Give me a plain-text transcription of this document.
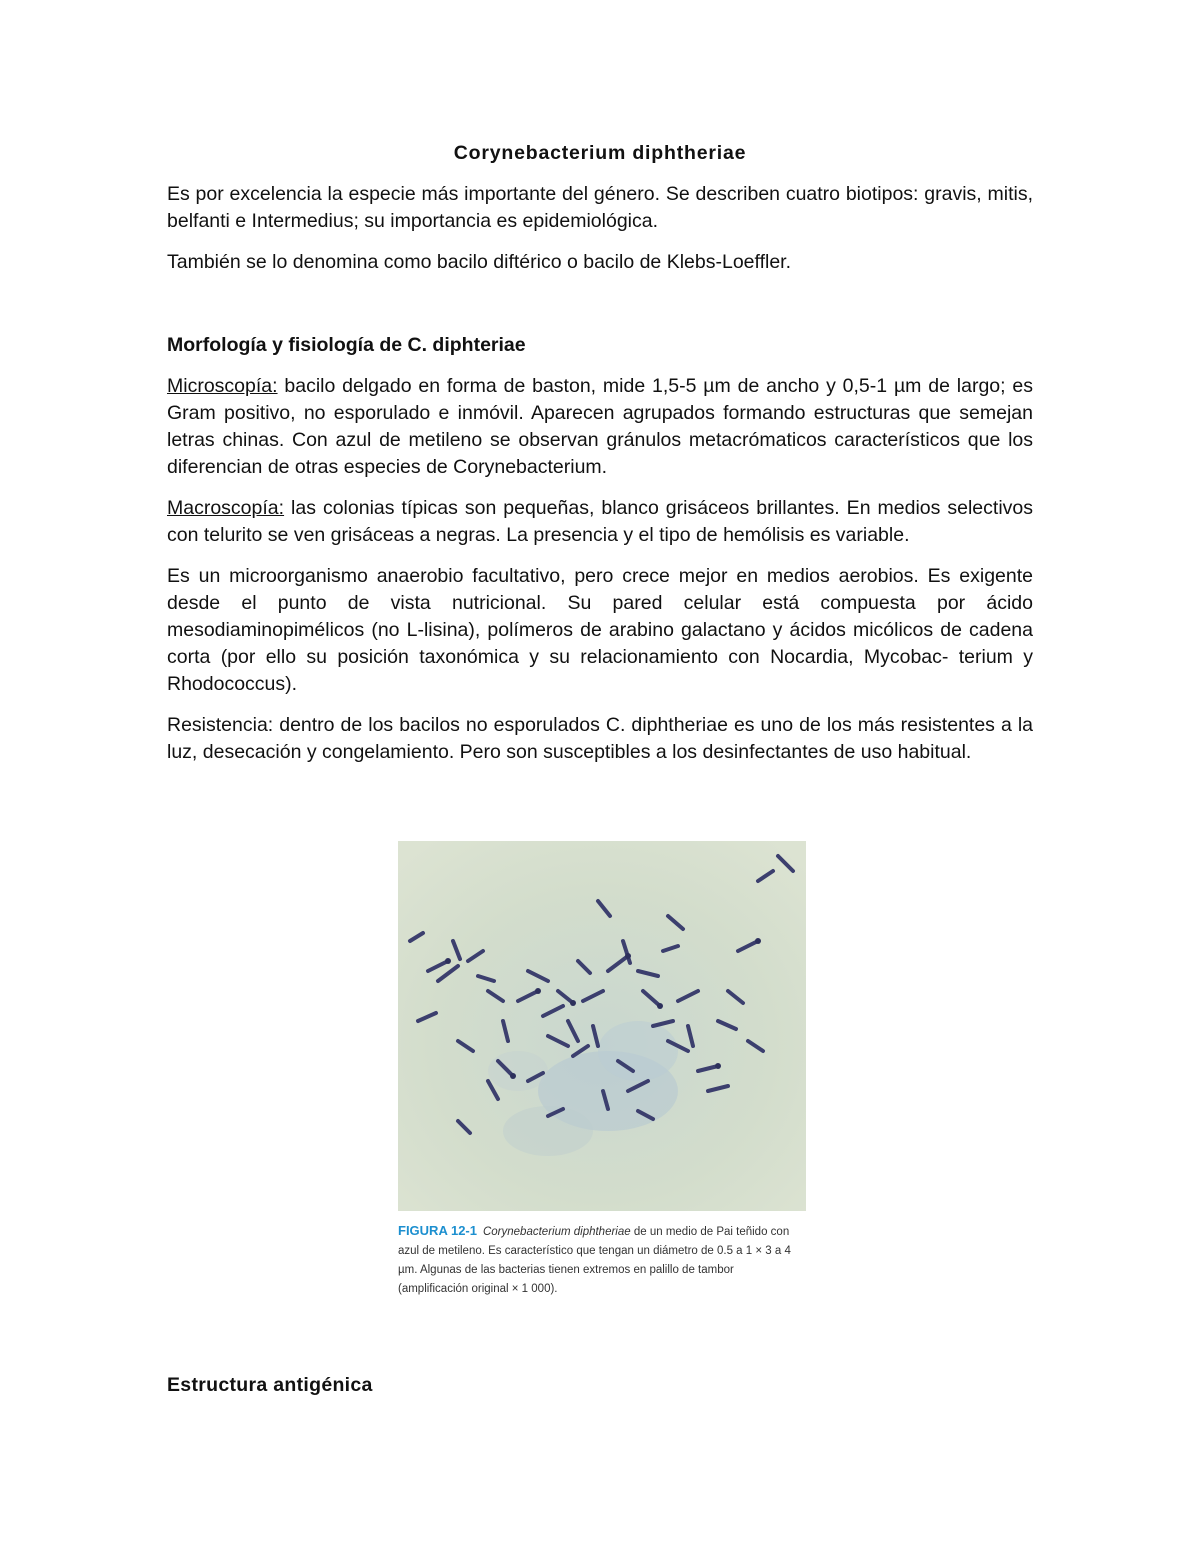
Corynebacterium diphtheriae

Es por excelencia la especie más importante del género. Se describen cuatro biotipos: gravis, mitis, belfanti e Intermedius; su importancia es epidemiológica.

También se lo denomina como bacilo diftérico o bacilo de Klebs-Loeffler.

Morfología y fisiología de C. diphteriae

Microscopía: bacilo delgado en forma de baston, mide 1,5-5 µm de ancho y 0,5-1 µm de largo; es Gram positivo, no esporulado e inmóvil. Aparecen agrupados formando estructuras que semejan letras chinas. Con azul de metileno se observan gránulos metacrómaticos característicos que los diferencian de otras especies de Corynebacterium.

Macroscopía: las colonias típicas son pequeñas, blanco grisáceos brillantes. En medios selectivos con telurito se ven grisáceas a negras. La presencia y el tipo de hemólisis es variable.

Es un microorganismo anaerobio facultativo, pero crece mejor en medios aerobios. Es exigente desde el punto de vista nutricional. Su pared celular está compuesta por ácido mesodiaminopimélicos (no L-lisina), polímeros de arabino galactano y ácidos micólicos de cadena corta (por ello su posición taxonómica y su relacionamiento con Nocardia, Mycobac- terium y Rhodococcus).

Resistencia: dentro de los bacilos no esporulados C. diphtheriae es uno de los más resistentes a la luz, desecación y congelamiento. Pero son susceptibles a los desinfectantes de uso habitual.

FIGURA 12-1 Corynebacterium diphtheriae de un medio de Pai teñido con azul de metileno. Es característico que tengan un diámetro de 0.5 a 1 × 3 a 4 µm. Algunas de las bacterias tienen extremos en palillo de tambor (amplificación original × 1 000).
Estructura antigénica
